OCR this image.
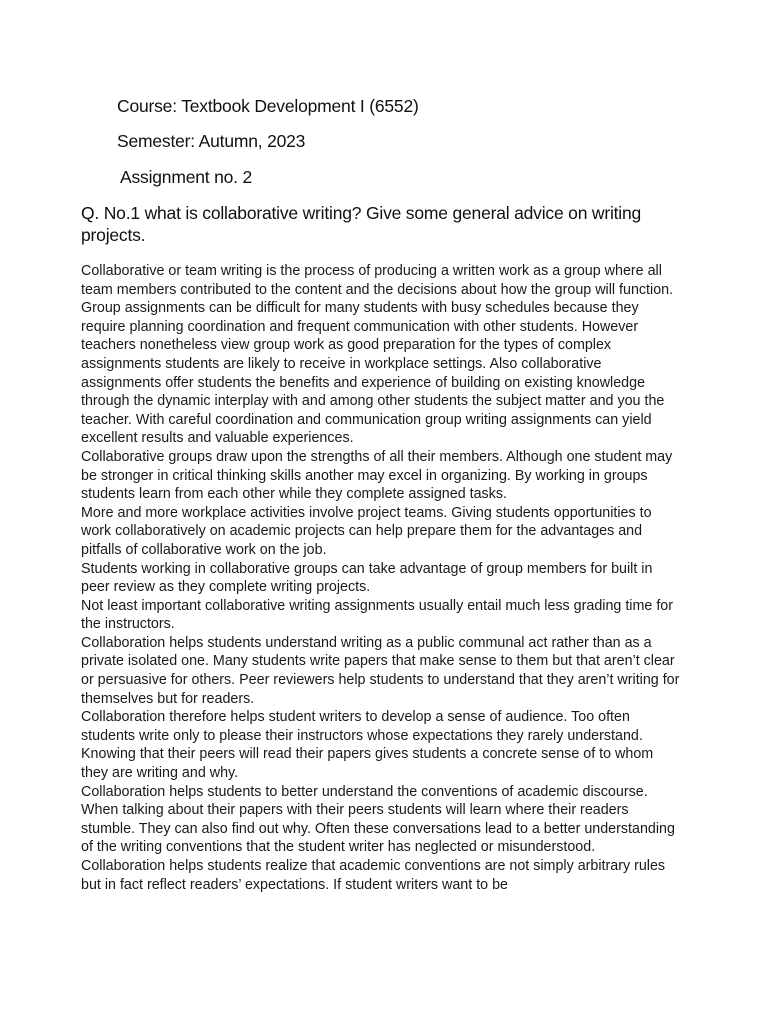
Course: Textbook Development I (6552)
Semester: Autumn, 2023
Assignment no. 2
Q. No.1 what is collaborative writing? Give some general advice on writing projects.

Collaborative or team writing is the process of producing a written work as a group where all team members contributed to the content and the decisions about how the group will function. Group assignments can be difficult for many students with busy schedules because they require planning coordination and frequent communication with other students. However teachers nonetheless view group work as good preparation for the types of complex assignments students are likely to receive in workplace settings. Also collaborative assignments offer students the benefits and experience of building on existing knowledge through the dynamic interplay with and among other students the subject matter and you the teacher. With careful coordination and communication group writing assignments can yield excellent results and valuable experiences.

Collaborative groups draw upon the strengths of all their members. Although one student may be stronger in critical thinking skills another may excel in organizing. By working in groups students learn from each other while they complete assigned tasks.

More and more workplace activities involve project teams. Giving students opportunities to work collaboratively on academic projects can help prepare them for the advantages and pitfalls of collaborative work on the job.

Students working in collaborative groups can take advantage of group members for built in peer review as they complete writing projects.

Not least important collaborative writing assignments usually entail much less grading time for the instructors.

Collaboration helps students understand writing as a public communal act rather than as a private isolated one. Many students write papers that make sense to them but that aren’t clear or persuasive for others. Peer reviewers help students to understand that they aren’t writing for themselves but for readers.

Collaboration therefore helps student writers to develop a sense of audience. Too often students write only to please their instructors whose expectations they rarely understand. Knowing that their peers will read their papers gives students a concrete sense of to whom they are writing and why.

Collaboration helps students to better understand the conventions of academic discourse. When talking about their papers with their peers students will learn where their readers stumble. They can also find out why. Often these conversations lead to a better understanding of the writing conventions that the student writer has neglected or misunderstood.

Collaboration helps students realize that academic conventions are not simply arbitrary rules but in fact reflect readers’ expectations. If student writers want to be
